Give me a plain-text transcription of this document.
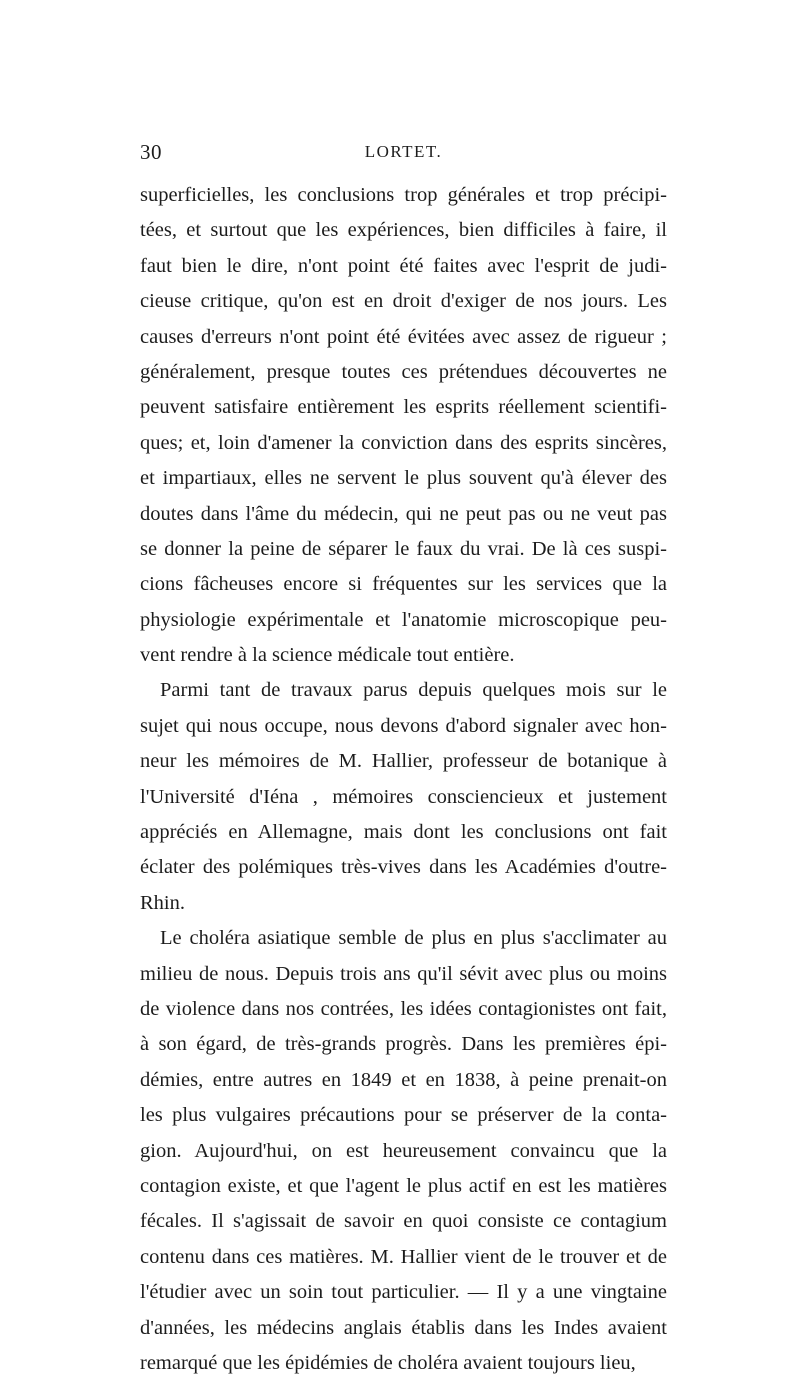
30	LORTET.
superficielles, les conclusions trop générales et trop précipi-
tées, et surtout que les expériences, bien difficiles à faire, il
faut bien le dire, n'ont point été faites avec l'esprit de judi-
cieuse critique, qu'on est en droit d'exiger de nos jours. Les
causes d'erreurs n'ont point été évitées avec assez de rigueur ;
généralement, presque toutes ces prétendues découvertes ne
peuvent satisfaire entièrement les esprits réellement scientifi-
ques; et, loin d'amener la conviction dans des esprits sincères,
et impartiaux, elles ne servent le plus souvent qu'à élever des
doutes dans l'âme du médecin, qui ne peut pas ou ne veut pas
se donner la peine de séparer le faux du vrai. De là ces suspi-
cions fâcheuses encore si fréquentes sur les services que la
physiologie expérimentale et l'anatomie microscopique peu-
vent rendre à la science médicale tout entière.
Parmi tant de travaux parus depuis quelques mois sur le
sujet qui nous occupe, nous devons d'abord signaler avec hon-
neur les mémoires de M. Hallier, professeur de botanique à
l'Université d'Iéna , mémoires consciencieux et justement
appréciés en Allemagne, mais dont les conclusions ont fait
éclater des polémiques très-vives dans les Académies d'outre-
Rhin.
Le choléra asiatique semble de plus en plus s'acclimater au
milieu de nous. Depuis trois ans qu'il sévit avec plus ou moins
de violence dans nos contrées, les idées contagionistes ont fait,
à son égard, de très-grands progrès. Dans les premières épi-
démies, entre autres en 1849 et en 1838, à peine prenait-on
les plus vulgaires précautions pour se préserver de la conta-
gion. Aujourd'hui, on est heureusement convaincu que la
contagion existe, et que l'agent le plus actif en est les matières
fécales. Il s'agissait de savoir en quoi consiste ce contagium
contenu dans ces matières. M. Hallier vient de le trouver et de
l'étudier avec un soin tout particulier. — Il y a une vingtaine
d'années, les médecins anglais établis dans les Indes avaient
remarqué que les épidémies de choléra avaient toujours lieu,
